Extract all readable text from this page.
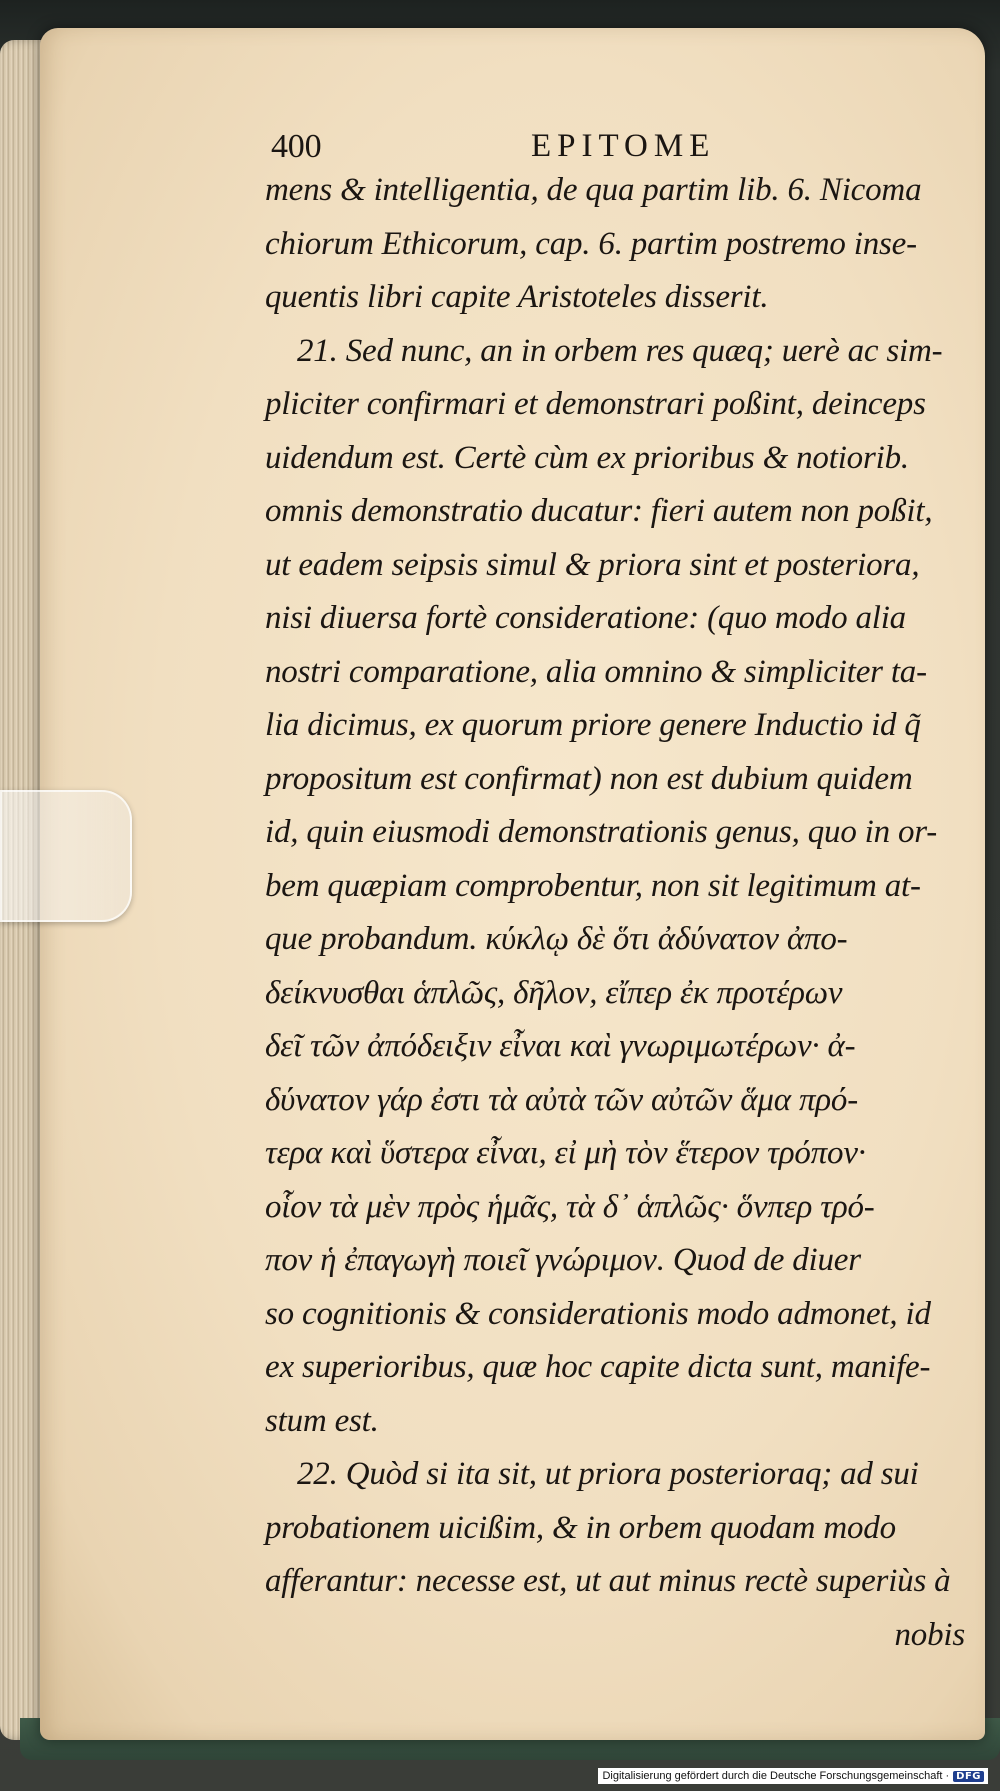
400	EPITOME
mens & intelligentia, de qua partim lib. 6. Nicoma
chiorum Ethicorum, cap. 6. partim postremo inse-
quentis libri capite Aristoteles disserit.
21. Sed nunc, an in orbem res quæq; uerè ac sim-
pliciter confirmari et demonstrari poßint, deinceps
uidendum est. Certè cùm ex prioribus & notiorib.
omnis demonstratio ducatur: fieri autem non poßit,
ut eadem seipsis simul & priora sint et posteriora,
nisi diuersa fortè consideratione: (quo modo alia
nostri comparatione, alia omnino & simpliciter ta-
lia dicimus, ex quorum priore genere Inductio id q̃
propositum est confirmat) non est dubium quidem
id, quin eiusmodi demonstrationis genus, quo in or-
bem quæpiam comprobentur, non sit legitimum at-
que probandum. κύκλῳ δὲ ὅτι ἀδύνατον ἀπο-
δείκνυσθαι ἁπλῶς, δῆλον, εἴπερ ἐκ προτέρων
δεῖ τῶν ἀπόδειξιν εἶναι καὶ γνωριμωτέρων· ἀ-
δύνατον γάρ ἐστι τὰ αὐτὰ τῶν αὐτῶν ἅμα πρό-
τερα καὶ ὕστερα εἶναι, εἰ μὴ τὸν ἕτερον τρόπον·
οἷον τὰ μὲν πρὸς ἡμᾶς, τὰ δ᾽ ἁπλῶς· ὅνπερ τρό-
πον ἡ ἐπαγωγὴ ποιεῖ γνώριμον. Quod de diuer
so cognitionis & considerationis modo admonet, id
ex superioribus, quæ hoc capite dicta sunt, manife-
stum est.
22. Quòd si ita sit, ut priora posterioraq; ad sui
probationem uicißim, & in orbem quodam modo
afferantur: necesse est, ut aut minus rectè superiùs à
nobis
Digitalisierung gefördert durch die Deutsche Forschungsgemeinschaft · DFG
